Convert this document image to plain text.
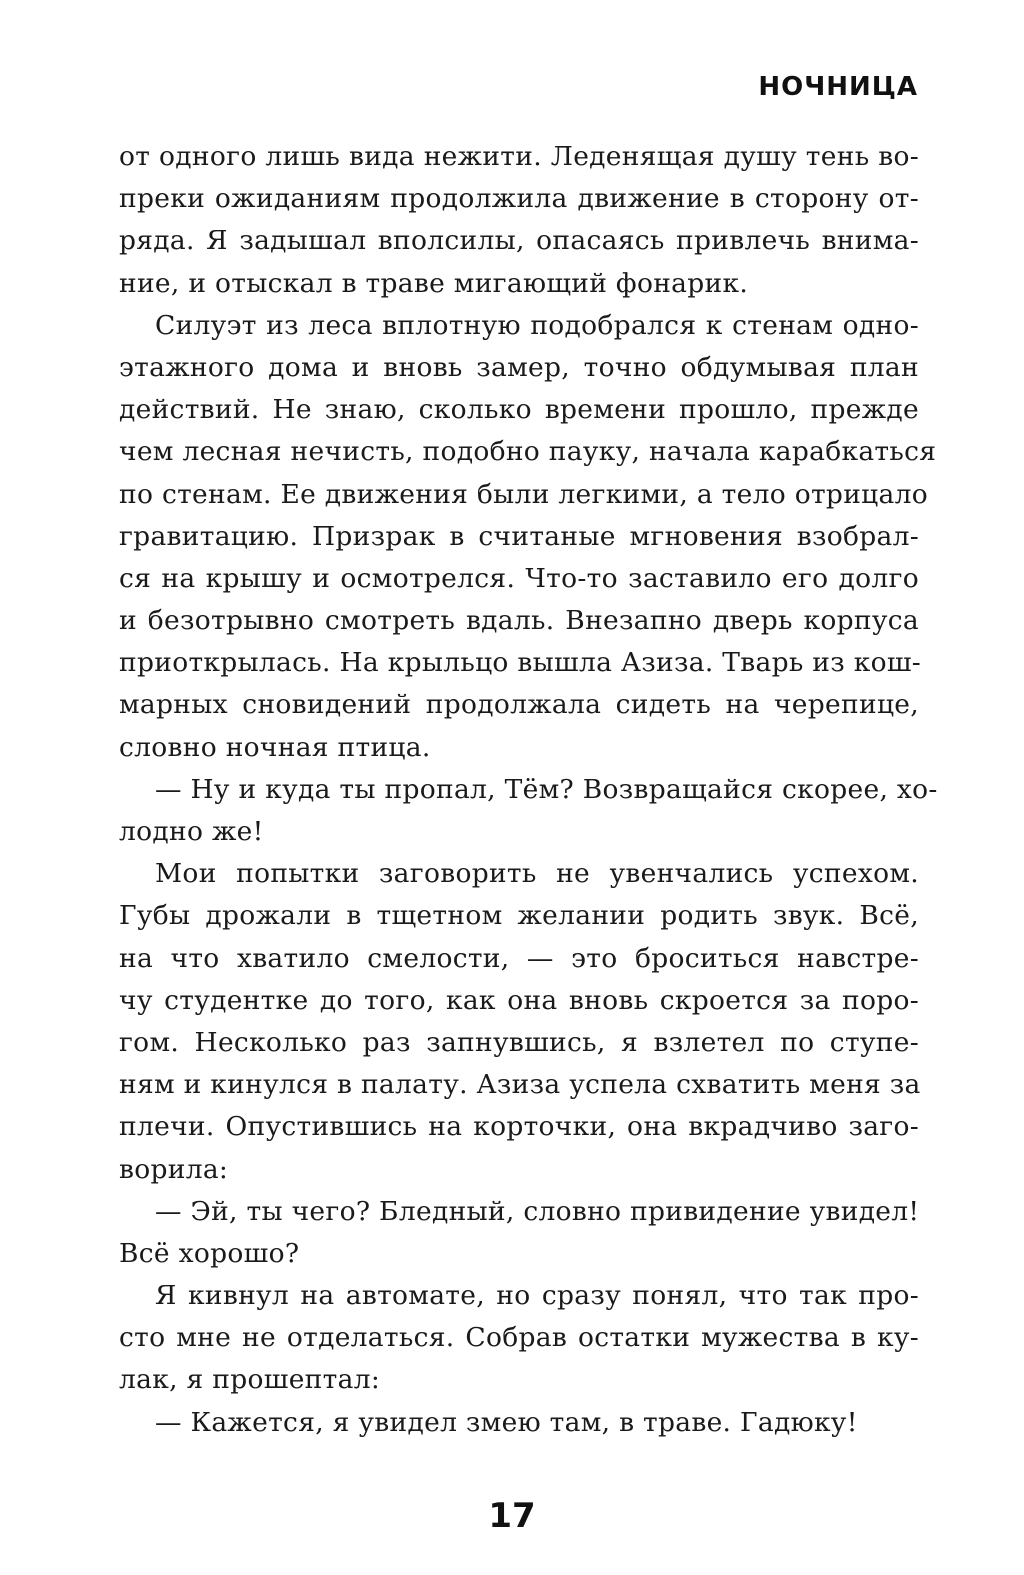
НОЧНИЦА
от одного лишь вида нежити. Леденящая душу тень во-
преки ожиданиям продолжила движение в сторону от-
ряда. Я задышал вполсилы, опасаясь привлечь внима-
ние, и отыскал в траве мигающий фонарик.
Силуэт из леса вплотную подобрался к стенам одно-
этажного дома и вновь замер, точно обдумывая план
действий. Не знаю, сколько времени прошло, прежде
чем лесная нечисть, подобно пауку, начала карабкаться
по стенам. Ее движения были легкими, а тело отрицало
гравитацию. Призрак в считаные мгновения взобрал-
ся на крышу и осмотрелся. Что-то заставило его долго
и безотрывно смотреть вдаль. Внезапно дверь корпуса
приоткрылась. На крыльцо вышла Азиза. Тварь из кош-
марных сновидений продолжала сидеть на черепице,
словно ночная птица.
— Ну и куда ты пропал, Тём? Возвращайся скорее, хо-
лодно же!
Мои попытки заговорить не увенчались успехом.
Губы дрожали в тщетном желании родить звук. Всё,
на что хватило смелости, — это броситься навстре-
чу студентке до того, как она вновь скроется за поро-
гом. Несколько раз запнувшись, я взлетел по ступе-
ням и кинулся в палату. Азиза успела схватить меня за
плечи. Опустившись на корточки, она вкрадчиво заго-
ворила:
— Эй, ты чего? Бледный, словно привидение увидел!
Всё хорошо?
Я кивнул на автомате, но сразу понял, что так про-
сто мне не отделаться. Собрав остатки мужества в ку-
лак, я прошептал:
— Кажется, я увидел змею там, в траве. Гадюку!
17
